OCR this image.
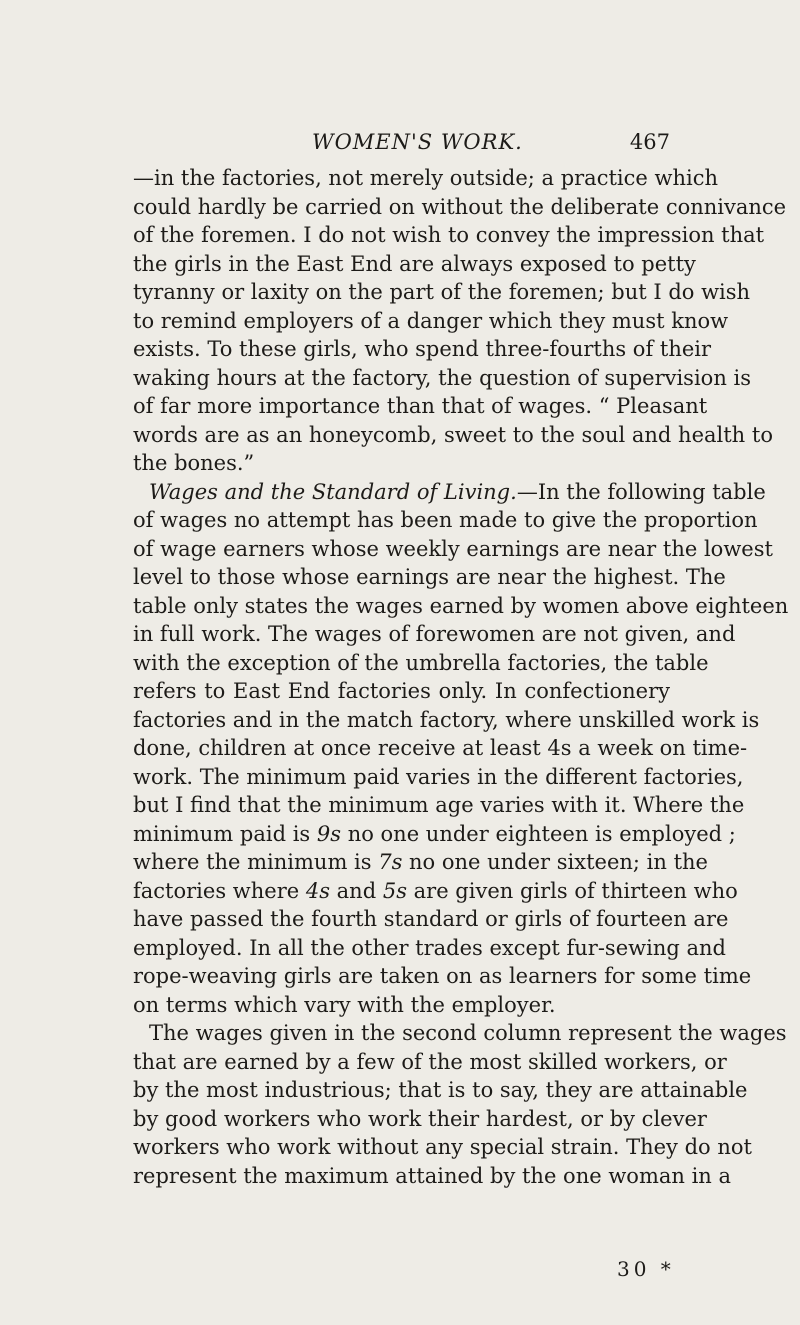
WOMEN'S WORK.	467
—in the factories, not merely outside; a practice which
could hardly be carried on without the deliberate connivance
of the foremen. I do not wish to convey the impression that
the girls in the East End are always exposed to petty
tyranny or laxity on the part of the foremen; but I do wish
to remind employers of a danger which they must know
exists. To these girls, who spend three-fourths of their
waking hours at the factory, the question of supervision is
of far more importance than that of wages. “ Pleasant
words are as an honeycomb, sweet to the soul and health to
the bones.”
Wages and the Standard of Living.—In the following table
of wages no attempt has been made to give the proportion
of wage earners whose weekly earnings are near the lowest
level to those whose earnings are near the highest. The
table only states the wages earned by women above eighteen
in full work. The wages of forewomen are not given, and
with the exception of the umbrella factories, the table
refers to East End factories only. In confectionery
factories and in the match factory, where unskilled work is
done, children at once receive at least 4s a week on time-
work. The minimum paid varies in the different factories,
but I find that the minimum age varies with it. Where the
minimum paid is 9s no one under eighteen is employed ;
where the minimum is 7s no one under sixteen; in the
factories where 4s and 5s are given girls of thirteen who
have passed the fourth standard or girls of fourteen are
employed. In all the other trades except fur-sewing and
rope-weaving girls are taken on as learners for some time
on terms which vary with the employer.
The wages given in the second column represent the wages
that are earned by a few of the most skilled workers, or
by the most industrious; that is to say, they are attainable
by good workers who work their hardest, or by clever
workers who work without any special strain. They do not
represent the maximum attained by the one woman in a
30 *
